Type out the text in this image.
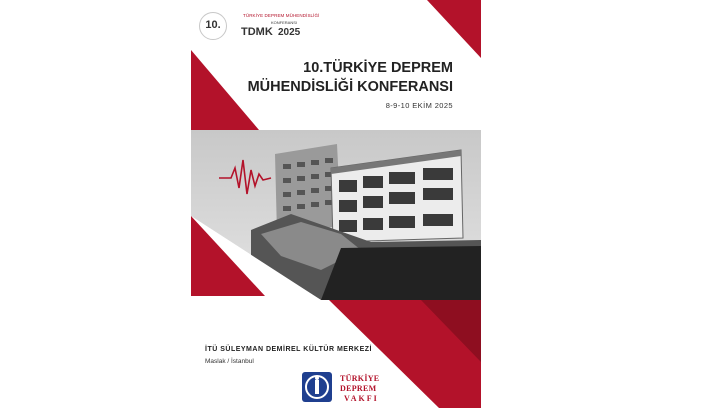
10.
TÜRKİYE DEPREM MÜHENDİSLİĞİ
KONFERANSI
TDMK 2025
10.TÜRKİYE DEPREM
MÜHENDİSLİĞİ KONFERANSI
8-9-10 EKİM 2025
İTÜ SÜLEYMAN DEMİREL KÜLTÜR MERKEZİ
Maslak / İstanbul
TÜRKİYE
DEPREM
VAKFI
